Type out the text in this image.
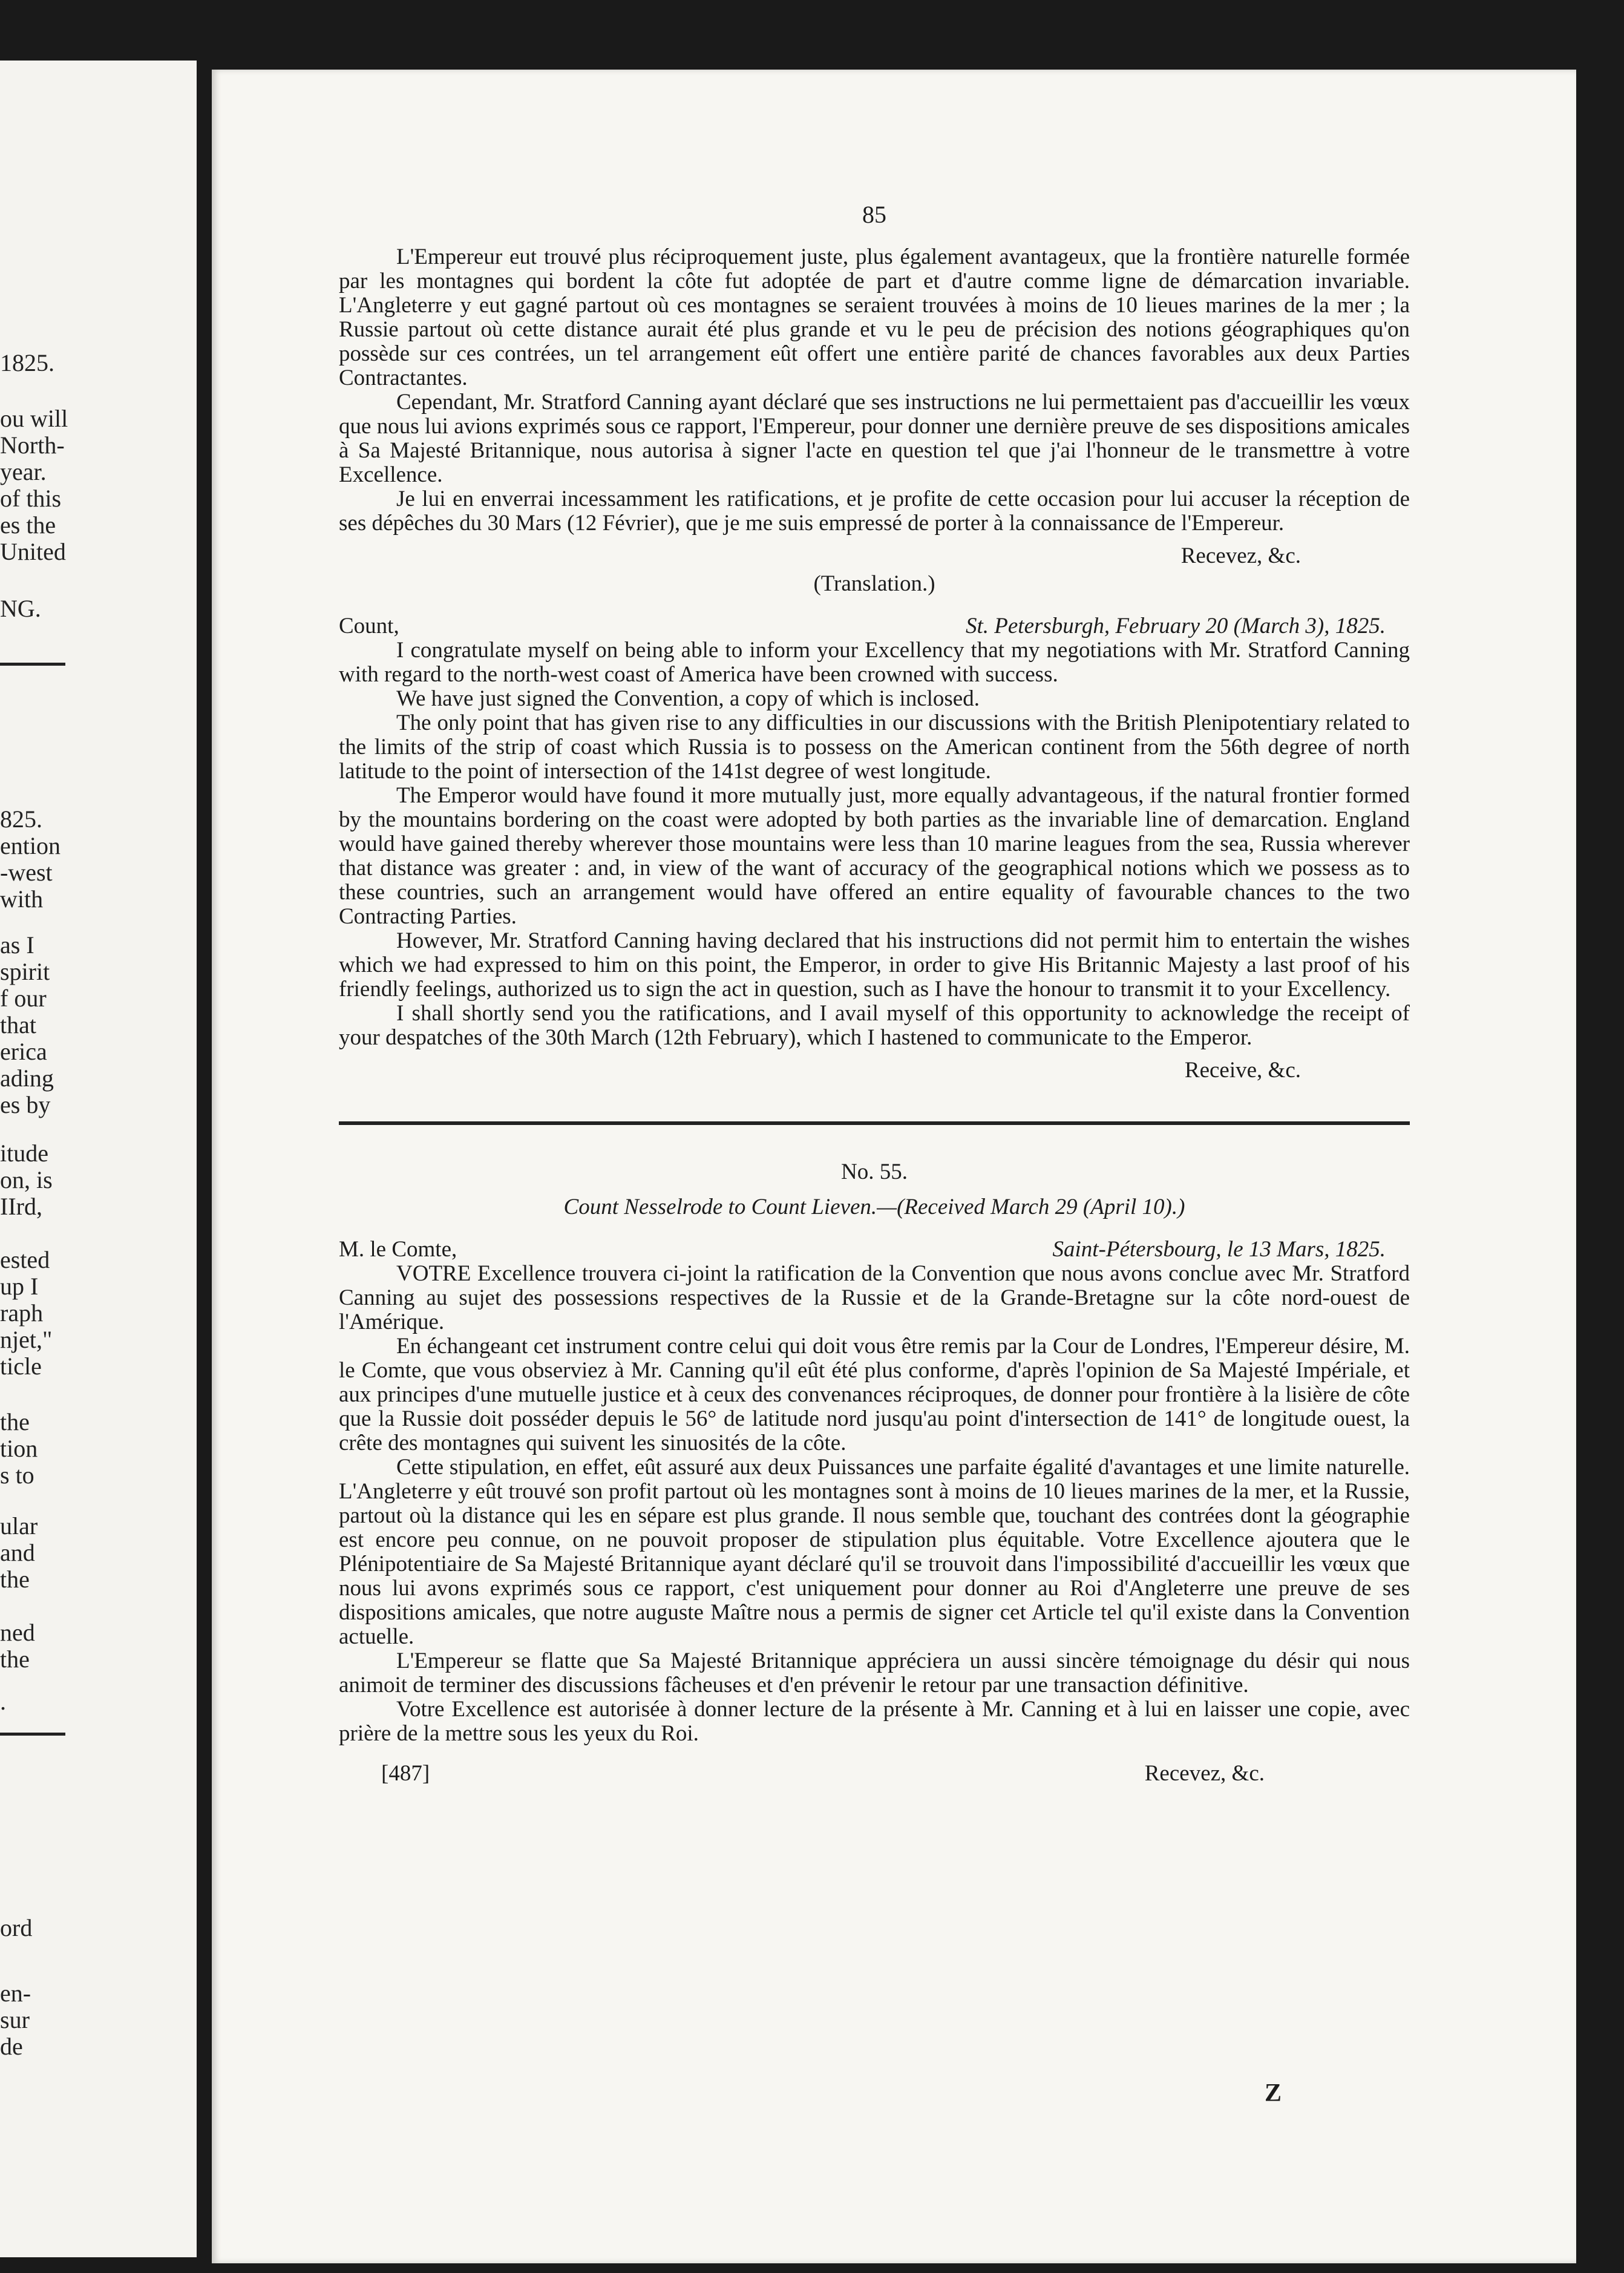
1825.
ou will
North-
year.
of this
es the
United
NG.
825.
ention
-west
with
as I
spirit
f our
that
erica
ading
es by
itude
on, is
IIrd,
ested
up I
raph
njet,"
ticle
the
tion
s to
ular
and
the
ned
the
.
ord
en-
sur
de
85

L'Empereur eut trouvé plus réciproquement juste, plus également avantageux, que la frontière naturelle formée par les montagnes qui bordent la côte fut adoptée de part et d'autre comme ligne de démarcation invariable. L'Angleterre y eut gagné partout où ces montagnes se seraient trouvées à moins de 10 lieues marines de la mer ; la Russie partout où cette distance aurait été plus grande et vu le peu de précision des notions géographiques qu'on possède sur ces contrées, un tel arrangement eût offert une entière parité de chances favorables aux deux Parties Contractantes.

Cependant, Mr. Stratford Canning ayant déclaré que ses instructions ne lui permettaient pas d'accueillir les vœux que nous lui avions exprimés sous ce rapport, l'Empereur, pour donner une dernière preuve de ses dispositions amicales à Sa Majesté Britannique, nous autorisa à signer l'acte en question tel que j'ai l'honneur de le transmettre à votre Excellence.

Je lui en enverrai incessamment les ratifications, et je profite de cette occasion pour lui accuser la réception de ses dépêches du 30 Mars (12 Février), que je me suis empressé de porter à la connaissance de l'Empereur.

Recevez, &c.

(Translation.)

Count,	St. Petersburgh, February 20 (March 3), 1825.

I congratulate myself on being able to inform your Excellency that my negotiations with Mr. Stratford Canning with regard to the north-west coast of America have been crowned with success.

We have just signed the Convention, a copy of which is inclosed.

The only point that has given rise to any difficulties in our discussions with the British Plenipotentiary related to the limits of the strip of coast which Russia is to possess on the American continent from the 56th degree of north latitude to the point of intersection of the 141st degree of west longitude.

The Emperor would have found it more mutually just, more equally advantageous, if the natural frontier formed by the mountains bordering on the coast were adopted by both parties as the invariable line of demarcation. England would have gained thereby wherever those mountains were less than 10 marine leagues from the sea, Russia wherever that distance was greater : and, in view of the want of accuracy of the geographical notions which we possess as to these countries, such an arrangement would have offered an entire equality of favourable chances to the two Contracting Parties.

However, Mr. Stratford Canning having declared that his instructions did not permit him to entertain the wishes which we had expressed to him on this point, the Emperor, in order to give His Britannic Majesty a last proof of his friendly feelings, authorized us to sign the act in question, such as I have the honour to transmit it to your Excellency.

I shall shortly send you the ratifications, and I avail myself of this opportunity to acknowledge the receipt of your despatches of the 30th March (12th February), which I hastened to communicate to the Emperor.

Receive, &c.

No. 55.

Count Nesselrode to Count Lieven.—(Received March 29 (April 10).)

M. le Comte,	Saint-Pétersbourg, le 13 Mars, 1825.

VOTRE Excellence trouvera ci-joint la ratification de la Convention que nous avons conclue avec Mr. Stratford Canning au sujet des possessions respectives de la Russie et de la Grande-Bretagne sur la côte nord-ouest de l'Amérique.

En échangeant cet instrument contre celui qui doit vous être remis par la Cour de Londres, l'Empereur désire, M. le Comte, que vous observiez à Mr. Canning qu'il eût été plus conforme, d'après l'opinion de Sa Majesté Impériale, et aux principes d'une mutuelle justice et à ceux des convenances réciproques, de donner pour frontière à la lisière de côte que la Russie doit posséder depuis le 56° de latitude nord jusqu'au point d'intersection de 141° de longitude ouest, la crête des montagnes qui suivent les sinuosités de la côte.

Cette stipulation, en effet, eût assuré aux deux Puissances une parfaite égalité d'avantages et une limite naturelle. L'Angleterre y eût trouvé son profit partout où les montagnes sont à moins de 10 lieues marines de la mer, et la Russie, partout où la distance qui les en sépare est plus grande. Il nous semble que, touchant des contrées dont la géographie est encore peu connue, on ne pouvoit proposer de stipulation plus équitable. Votre Excellence ajoutera que le Plénipotentiaire de Sa Majesté Britannique ayant déclaré qu'il se trouvoit dans l'impossibilité d'accueillir les vœux que nous lui avons exprimés sous ce rapport, c'est uniquement pour donner au Roi d'Angleterre une preuve de ses dispositions amicales, que notre auguste Maître nous a permis de signer cet Article tel qu'il existe dans la Convention actuelle.

L'Empereur se flatte que Sa Majesté Britannique appréciera un aussi sincère témoignage du désir qui nous animoit de terminer des discussions fâcheuses et d'en prévenir le retour par une transaction définitive.

Votre Excellence est autorisée à donner lecture de la présente à Mr. Canning et à lui en laisser une copie, avec prière de la mettre sous les yeux du Roi.

[487]	Recevez, &c.
Z
